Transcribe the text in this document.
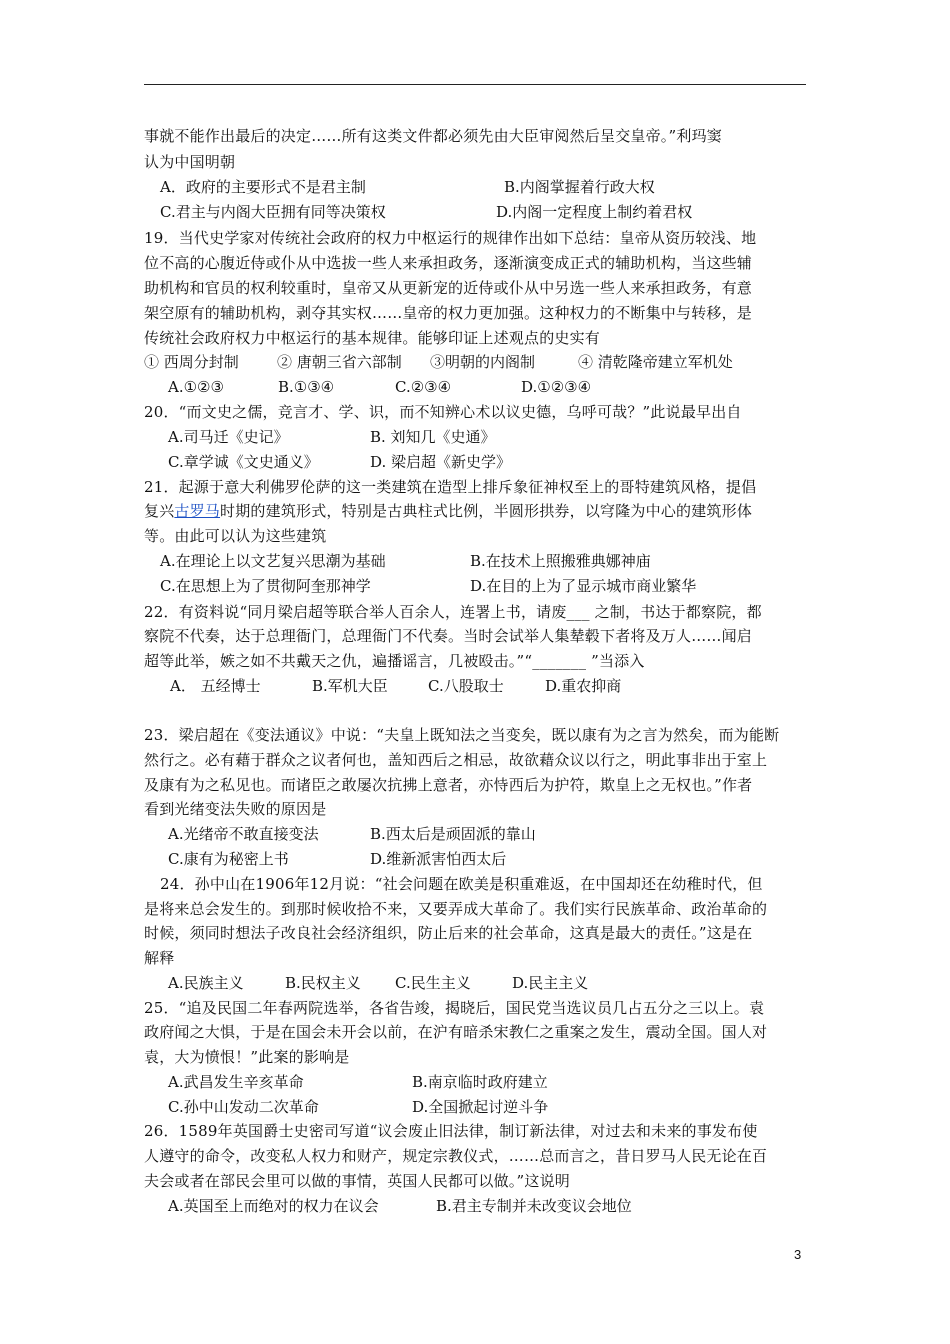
事就不能作出最后的决定……所有这类文件都必须先由大臣审阅然后呈交皇帝。”利玛窦
认为中国明朝
A．政府的主要形式不是君主制	B.内阁掌握着行政大权
C.君主与内阁大臣拥有同等决策权	D.内阁一定程度上制约着君权
19．当代史学家对传统社会政府的权力中枢运行的规律作出如下总结：皇帝从资历较浅、地
位不高的心腹近侍或仆从中选拔一些人来承担政务，逐渐演变成正式的辅助机构，当这些辅
助机构和官员的权利较重时，皇帝又从更新宠的近侍或仆从中另选一些人来承担政务，有意
架空原有的辅助机构，剥夺其实权……皇帝的权力更加强。这种权力的不断集中与转移，是
传统社会政府权力中枢运行的基本规律。能够印证上述观点的史实有
① 西周分封制	② 唐朝三省六部制 ③明朝的内阁制	④ 清乾隆帝建立军机处
A.①②③	B.①③④	C.②③④	D.①②③④
20．“而文史之儒，竞言才、学、识，而不知辨心术以议史德，乌呼可哉？”此说最早出自
A.司马迁《史记》	B. 刘知几《史通》
C.章学诚《文史通义》	D. 梁启超《新史学》
21．起源于意大利佛罗伦萨的这一类建筑在造型上排斥象征神权至上的哥特建筑风格，提倡
复兴古罗马时期的建筑形式，特别是古典柱式比例，半圆形拱券，以穹隆为中心的建筑形体
等。由此可以认为这些建筑
A.在理论上以文艺复兴思潮为基础	B.在技术上照搬雅典娜神庙
C.在思想上为了贯彻阿奎那神学	D.在目的上为了显示城市商业繁华
22．有资料说“同月梁启超等联合举人百余人，连署上书，请废___ 之制，书达于都察院，都
察院不代奏，达于总理衙门，总理衙门不代奏。当时会试举人集辇毂下者将及万人……闻启
超等此举，嫉之如不共戴天之仇，遍播谣言，几被殴击。”“_______ ”当添入
A． 五经博士	B.军机大臣	C.八股取士	D.重农抑商
23．梁启超在《变法通议》中说：“夫皇上既知法之当变矣，既以康有为之言为然矣，而为能断
然行之。必有藉于群众之议者何也，盖知西后之相忌，故欲藉众议以行之，明此事非出于室上
及康有为之私见也。而诸臣之敢屡次抗拂上意者，亦恃西后为护符，欺皇上之无权也。”作者
看到光绪变法失败的原因是
A.光绪帝不敢直接变法	B.西太后是顽固派的靠山
C.康有为秘密上书	D.维新派害怕西太后
24．孙中山在1906年12月说：“社会问题在欧美是积重难返，在中国却还在幼稚时代，但
是将来总会发生的。到那时候收拾不来，又要弄成大革命了。我们实行民族革命、政治革命的
时候，须同时想法子改良社会经济组织，防止后来的社会革命，这真是最大的责任。”这是在
解释
A.民族主义	B.民权主义 C.民生主义	D.民主主义
25．“追及民国二年春两院选举，各省告竣，揭晓后，国民党当选议员几占五分之三以上。袁
政府闻之大惧，于是在国会未开会以前，在沪有暗杀宋教仁之重案之发生，震动全国。国人对
袁，大为愤恨！”此案的影响是
A.武昌发生辛亥革命	B.南京临时政府建立
C.孙中山发动二次革命	D.全国掀起讨逆斗争
26．1589年英国爵士史密司写道“议会废止旧法律，制订新法律，对过去和未来的事发布使
人遵守的命令，改变私人权力和财产，规定宗教仪式，……总而言之，昔日罗马人民无论在百
夫会或者在部民会里可以做的事情，英国人民都可以做。”这说明
A.英国至上而绝对的权力在议会	B.君主专制并未改变议会地位
3
